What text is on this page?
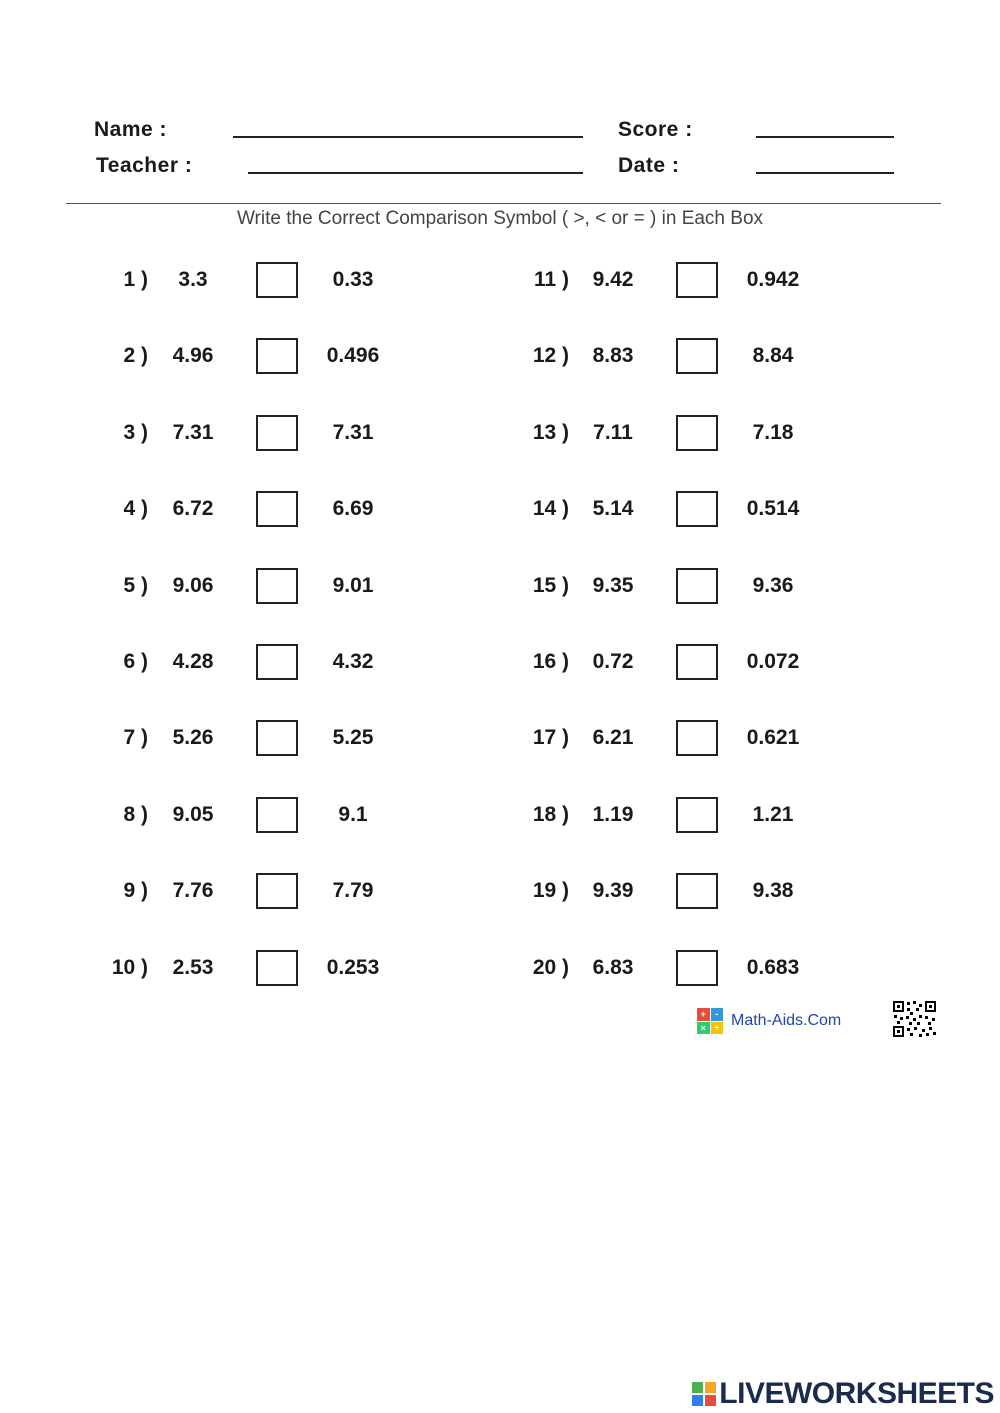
Name :
Teacher :
Score :
Date :
Write the Correct Comparison Symbol ( >, < or = ) in Each Box
1 )	3.3	0.33
2 )	4.96	0.496
3 )	7.31	7.31
4 )	6.72	6.69
5 )	9.06	9.01
6 )	4.28	4.32
7 )	5.26	5.25
8 )	9.05	9.1
9 )	7.76	7.79
10 )	2.53	0.253
11 )	9.42	0.942
12 )	8.83	8.84
13 )	7.11	7.18
14 )	5.14	0.514
15 )	9.35	9.36
16 )	0.72	0.072
17 )	6.21	0.621
18 )	1.19	1.21
19 )	9.39	9.38
20 )	6.83	0.683
+	-
× ÷ Math-Aids.Com
LIVEWORKSHEETS
